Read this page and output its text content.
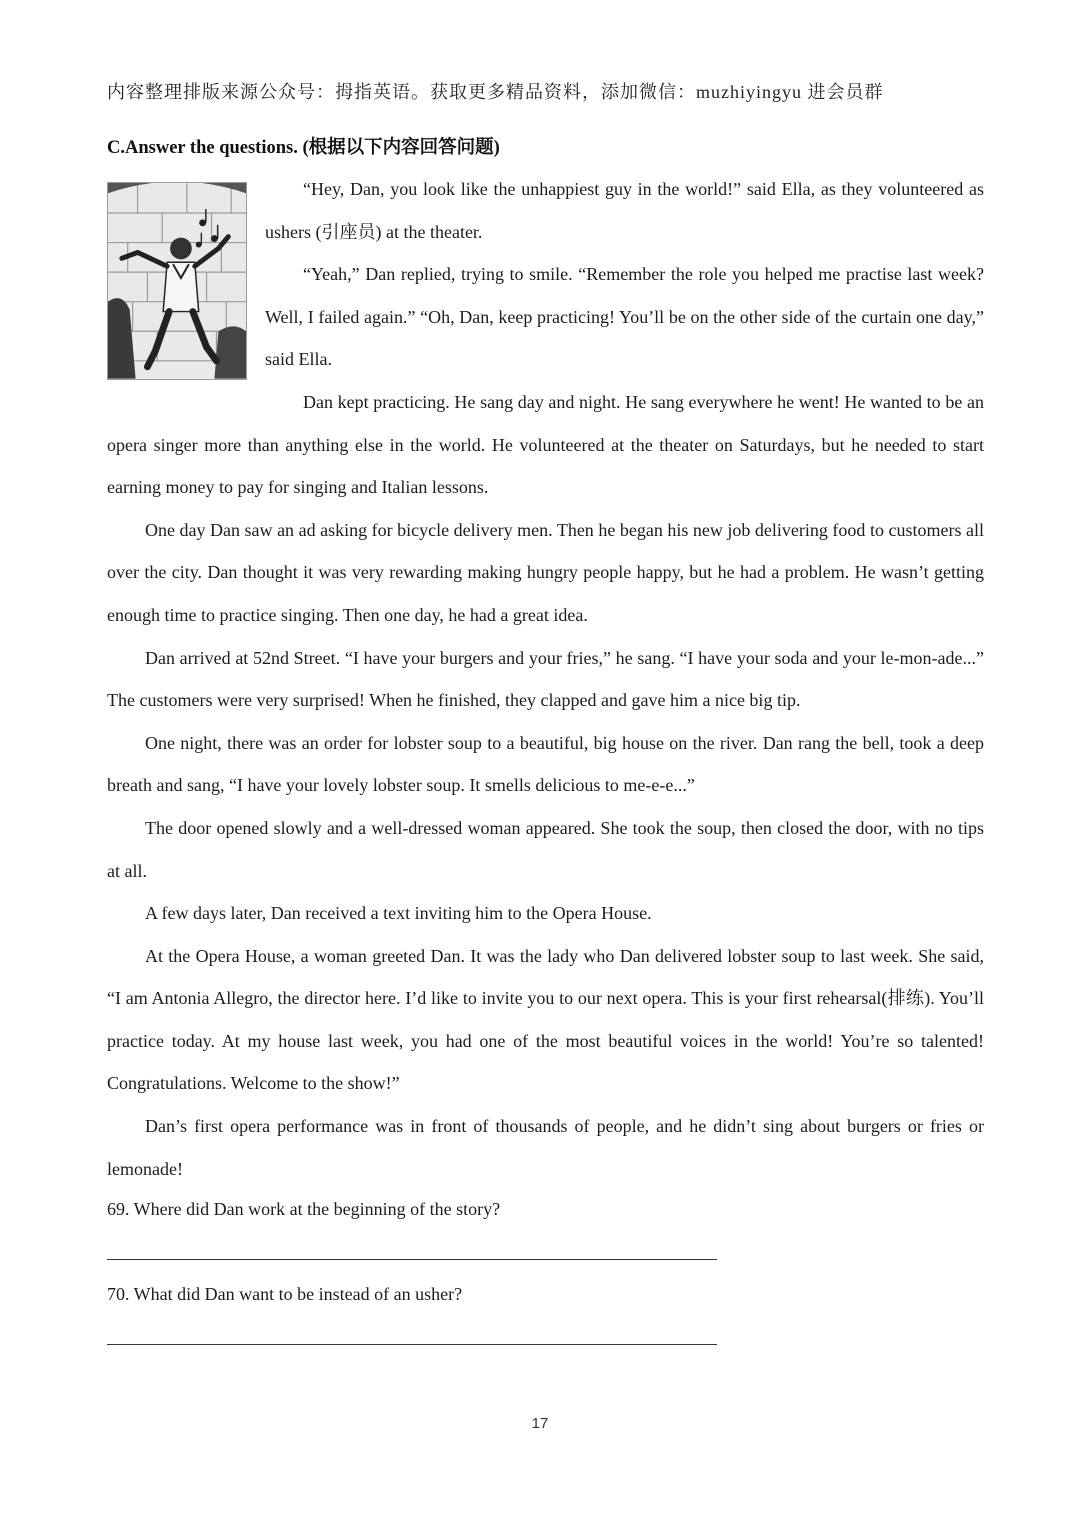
内容整理排版来源公众号：拇指英语。获取更多精品资料，添加微信：muzhiyingyu 进会员群
C.Answer the questions. (根据以下内容回答问题)

“Hey, Dan, you look like the unhappiest guy in the world!” said Ella, as they volunteered as ushers (引座员) at the theater.

“Yeah,” Dan replied, trying to smile. “Remember the role you helped me practise last week? Well, I failed again.” “Oh, Dan, keep practicing! You’ll be on the other side of the curtain one day,” said Ella.

Dan kept practicing. He sang day and night. He sang everywhere he went! He wanted to be an opera singer more than anything else in the world. He volunteered at the theater on Saturdays, but he needed to start earning money to pay for singing and Italian lessons.

One day Dan saw an ad asking for bicycle delivery men. Then he began his new job delivering food to customers all over the city. Dan thought it was very rewarding making hungry people happy, but he had a problem. He wasn’t getting enough time to practice singing. Then one day, he had a great idea.

Dan arrived at 52nd Street. “I have your burgers and your fries,” he sang. “I have your soda and your le-mon-ade...” The customers were very surprised! When he finished, they clapped and gave him a nice big tip.

One night, there was an order for lobster soup to a beautiful, big house on the river. Dan rang the bell, took a deep breath and sang, “I have your lovely lobster soup. It smells delicious to me-e-e...”

The door opened slowly and a well-dressed woman appeared. She took the soup, then closed the door, with no tips at all.

A few days later, Dan received a text inviting him to the Opera House.

At the Opera House, a woman greeted Dan. It was the lady who Dan delivered lobster soup to last week. She said, “I am Antonia Allegro, the director here. I’d like to invite you to our next opera. This is your first rehearsal(排练). You’ll practice today. At my house last week, you had one of the most beautiful voices in the world! You’re so talented! Congratulations. Welcome to the show!”

Dan’s first opera performance was in front of thousands of people, and he didn’t sing about burgers or fries or lemonade!

69. Where did Dan work at the beginning of the story?
70. What did Dan want to be instead of an usher?
17
